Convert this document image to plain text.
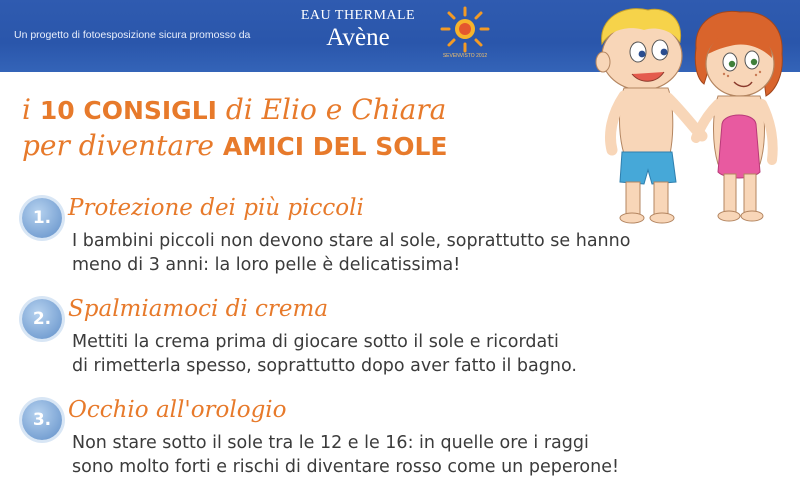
Un progetto di fotoesposizione sicura promosso da
EAU THERMALE
Avène
SEVENVISTO 2012
i 10 CONSIGLI di Elio e Chiara
per diventare AMICI DEL SOLE
1. Protezione dei più piccoli
I bambini piccoli non devono stare al sole, soprattutto se hanno
meno di 3 anni: la loro pelle è delicatissima!
2. Spalmiamoci di crema
Mettiti la crema prima di giocare sotto il sole e ricordati
di rimetterla spesso, soprattutto dopo aver fatto il bagno.
3. Occhio all'orologio
Non stare sotto il sole tra le 12 e le 16: in quelle ore i raggi
sono molto forti e rischi di diventare rosso come un peperone!
